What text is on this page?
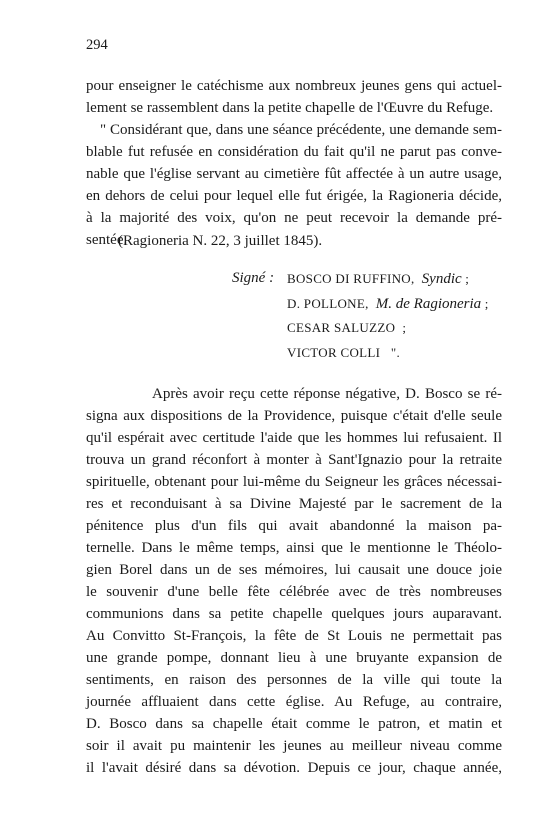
294
pour enseigner le catéchisme aux nombreux jeunes gens qui actuel-
lement se rassemblent dans la petite chapelle de l'Œuvre du Refuge.
" Considérant que, dans une séance précédente, une demande sem-
blable fut refusée en considération du fait qu'il ne parut pas conve-
nable que l'église servant au cimetière fût affectée à un autre usage,
en dehors de celui pour lequel elle fut érigée, la Ragioneria décide,
à la majorité des voix, qu'on ne peut recevoir la demande pré-
sentée.
(Ragioneria N. 22, 3 juillet 1845).
Signé : BOSCO DI RUFFINO, Syndic ;
D. POLLONE, M. de Ragioneria ;
CESAR SALUZZO  ;
VICTOR COLLI   ".
Après avoir reçu cette réponse négative, D. Bosco se ré-
signa aux dispositions de la Providence, puisque c'était d'elle seule
qu'il espérait avec certitude l'aide que les hommes lui refusaient. Il
trouva un grand réconfort à monter à Sant'Ignazio pour la retraite
spirituelle, obtenant pour lui-même du Seigneur les grâces nécessai-
res et reconduisant à sa Divine Majesté par le sacrement de la
pénitence plus d'un fils qui avait abandonné la maison pa-
ternelle. Dans le même temps, ainsi que le mentionne le Théolo-
gien Borel dans un de ses mémoires, lui causait une douce joie
le souvenir d'une belle fête célébrée avec de très nombreuses
communions dans sa petite chapelle quelques jours auparavant.
Au Convitto St-François, la fête de St Louis ne permettait pas
une grande pompe, donnant lieu à une bruyante expansion de
sentiments, en raison des personnes de la ville qui toute la
journée affluaient dans cette église. Au Refuge, au contraire,
D. Bosco dans sa chapelle était comme le patron, et matin et
soir il avait pu maintenir les jeunes au meilleur niveau comme
il l'avait désiré dans sa dévotion. Depuis ce jour, chaque année,
